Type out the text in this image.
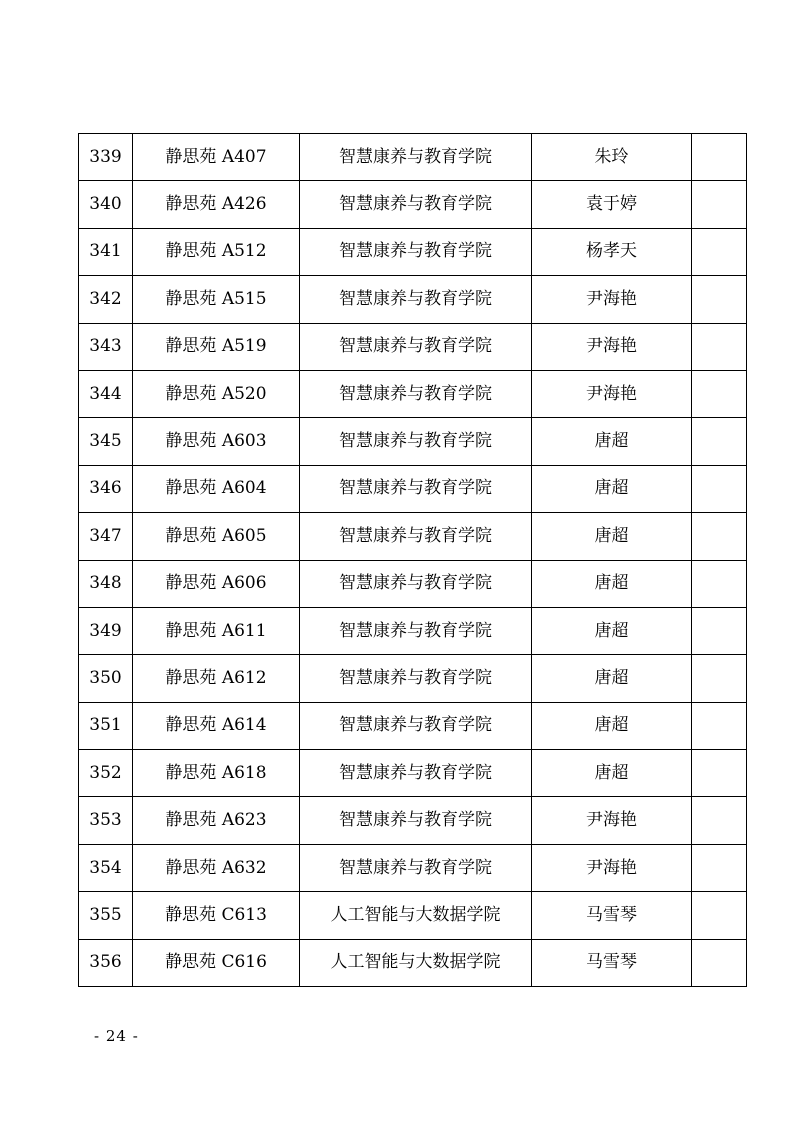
339	静思苑 A407	智慧康养与教育学院	朱玲	
340	静思苑 A426	智慧康养与教育学院	袁于婷	
341	静思苑 A512	智慧康养与教育学院	杨孝天	
342	静思苑 A515	智慧康养与教育学院	尹海艳	
343	静思苑 A519	智慧康养与教育学院	尹海艳	
344	静思苑 A520	智慧康养与教育学院	尹海艳	
345	静思苑 A603	智慧康养与教育学院	唐超	
346	静思苑 A604	智慧康养与教育学院	唐超	
347	静思苑 A605	智慧康养与教育学院	唐超	
348	静思苑 A606	智慧康养与教育学院	唐超	
349	静思苑 A611	智慧康养与教育学院	唐超	
350	静思苑 A612	智慧康养与教育学院	唐超	
351	静思苑 A614	智慧康养与教育学院	唐超	
352	静思苑 A618	智慧康养与教育学院	唐超	
353	静思苑 A623	智慧康养与教育学院	尹海艳	
354	静思苑 A632	智慧康养与教育学院	尹海艳	
355	静思苑 C613	人工智能与大数据学院	马雪琴	
356	静思苑 C616	人工智能与大数据学院	马雪琴	
- 24 -
